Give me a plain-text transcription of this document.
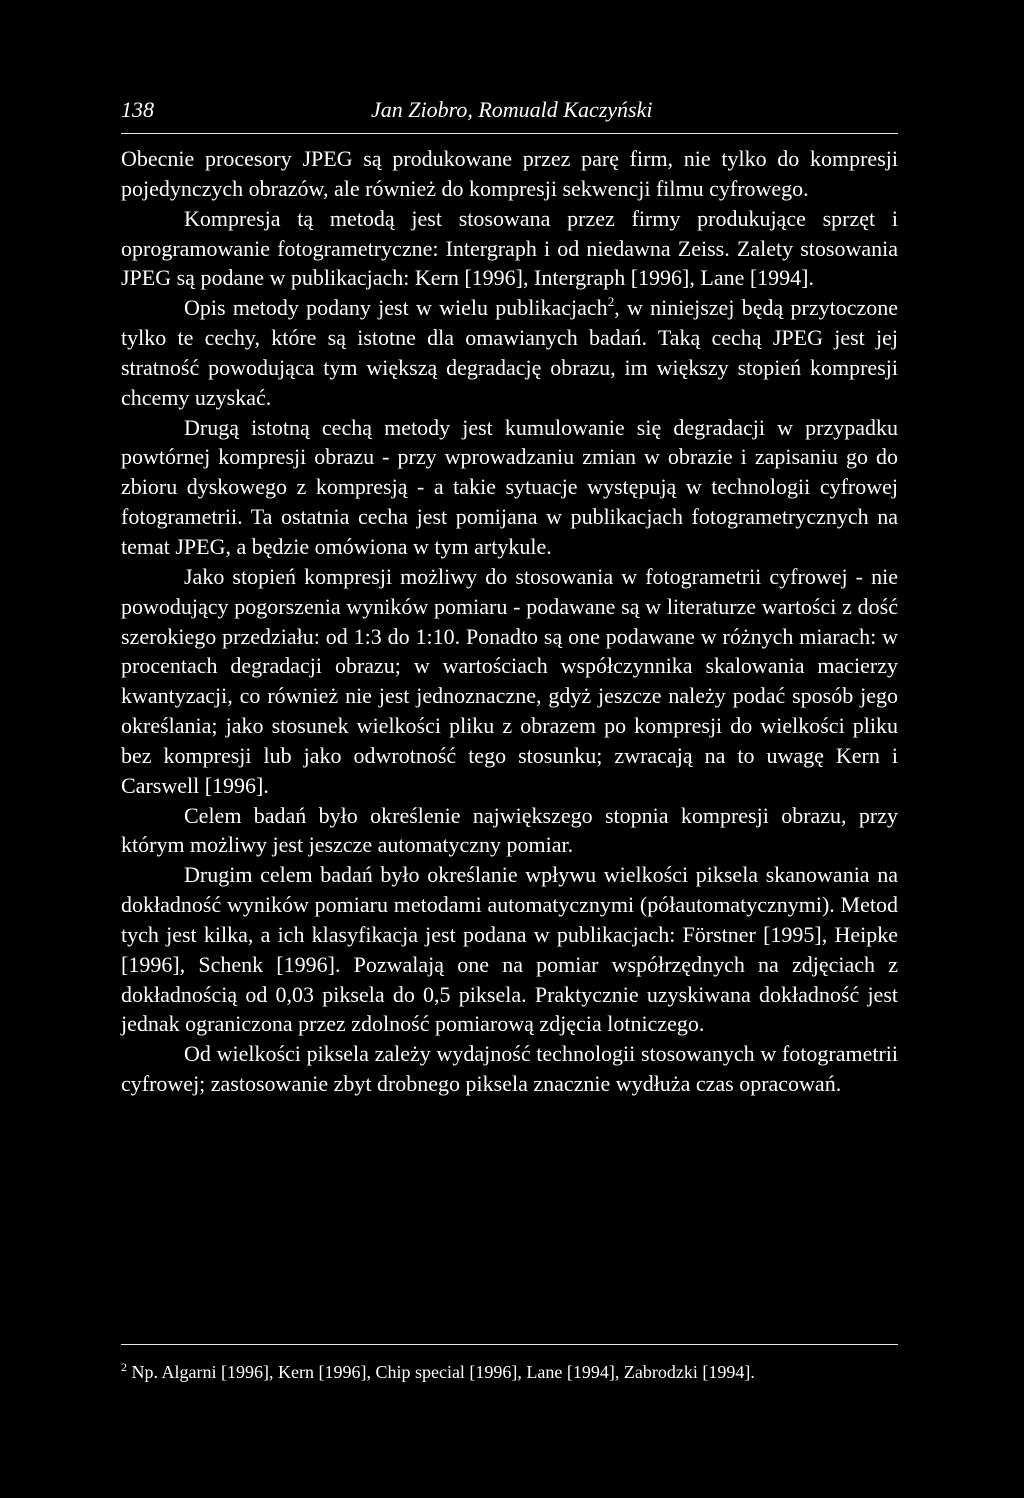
138	Jan Ziobro, Romuald Kaczyński

Obecnie procesory JPEG są produkowane przez parę firm, nie tylko do kompresji pojedynczych obrazów, ale również do kompresji sekwencji filmu cyfrowego.

Kompresja tą metodą jest stosowana przez firmy produkujące sprzęt i oprogramowanie fotogrametryczne: Intergraph i od niedawna Zeiss. Zalety stosowania JPEG są podane w publikacjach: Kern [1996], Intergraph [1996], Lane [1994].

Opis metody podany jest w wielu publikacjach$^2$, w niniejszej będą przytoczone tylko te cechy, które są istotne dla omawianych badań. Taką cechą JPEG jest jej stratność powodująca tym większą degradację obrazu, im większy stopień kompresji chcemy uzyskać.

Drugą istotną cechą metody jest kumulowanie się degradacji w przypadku powtórnej kompresji obrazu - przy wprowadzaniu zmian w obrazie i zapisaniu go do zbioru dyskowego z kompresją - a takie sytuacje występują w technologii cyfrowej fotogrametrii. Ta ostatnia cecha jest pomijana w publikacjach fotogrametrycznych na temat JPEG, a będzie omówiona w tym artykule.

Jako stopień kompresji możliwy do stosowania w fotogrametrii cyfrowej - nie powodujący pogorszenia wyników pomiaru - podawane są w literaturze wartości z dość szerokiego przedziału: od 1:3 do 1:10. Ponadto są one podawane w różnych miarach: w procentach degradacji obrazu; w wartościach współczynnika skalowania macierzy kwantyzacji, co również nie jest jednoznaczne, gdyż jeszcze należy podać sposób jego określania; jako stosunek wielkości pliku z obrazem po kompresji do wielkości pliku bez kompresji lub jako odwrotność tego stosunku; zwracają na to uwagę Kern i Carswell [1996].

Celem badań było określenie największego stopnia kompresji obrazu, przy którym możliwy jest jeszcze automatyczny pomiar.

Drugim celem badań było określanie wpływu wielkości piksela skanowania na dokładność wyników pomiaru metodami automatycznymi (półautomatycznymi). Metod tych jest kilka, a ich klasyfikacja jest podana w publikacjach: Förstner [1995], Heipke [1996], Schenk [1996]. Pozwalają one na pomiar współrzędnych na zdjęciach z dokładnością od 0,03 piksela do 0,5 piksela. Praktycznie uzyskiwana dokładność jest jednak ograniczona przez zdolność pomiarową zdjęcia lotniczego.

Od wielkości piksela zależy wydajność technologii stosowanych w fotogrametrii cyfrowej; zastosowanie zbyt drobnego piksela znacznie wydłuża czas opracowań.

$^2$ Np. Algarni [1996], Kern [1996], Chip special [1996], Lane [1994], Zabrodzki [1994].
